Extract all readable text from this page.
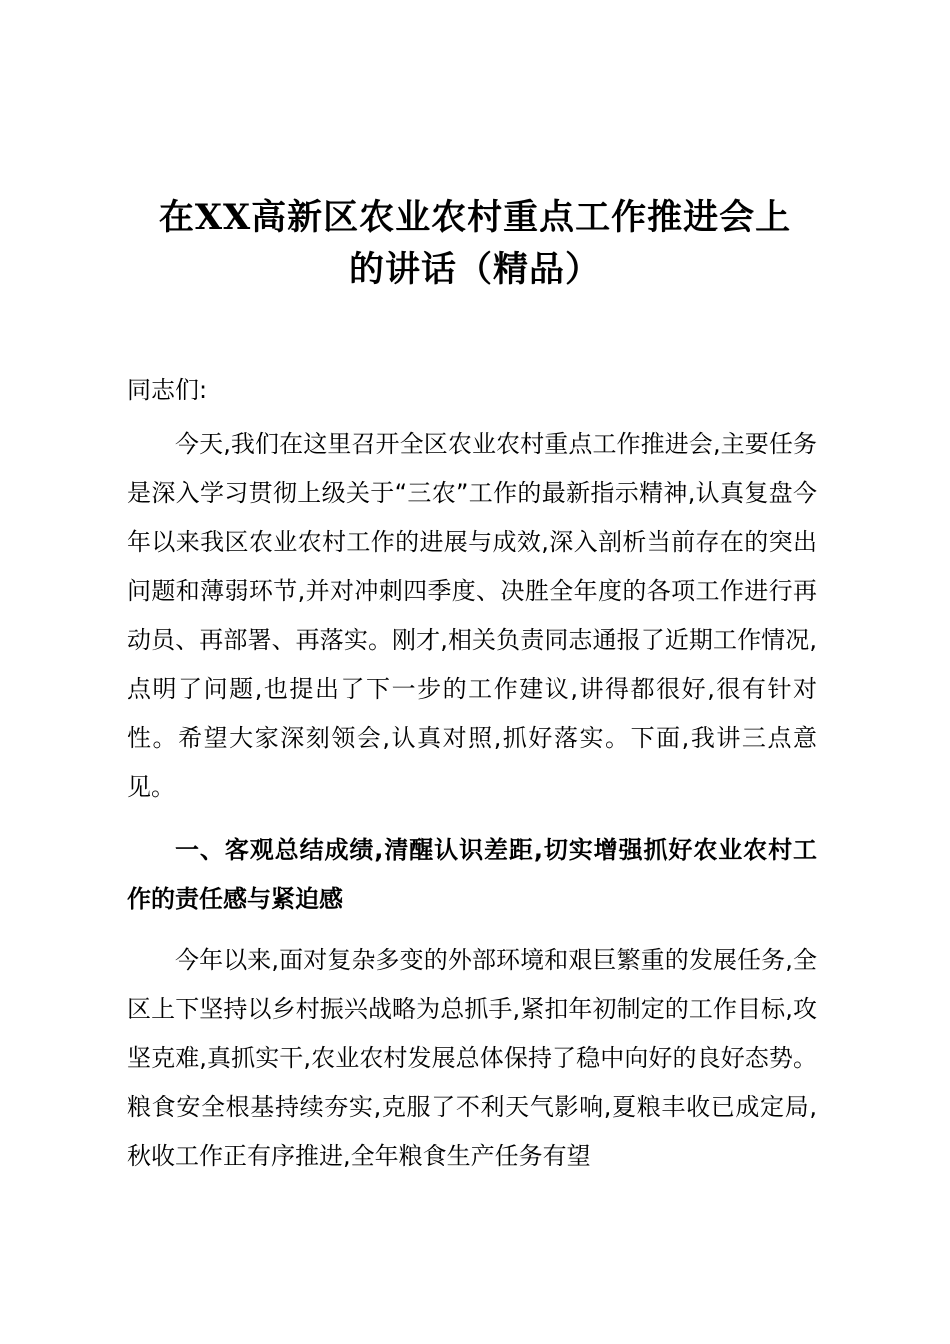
在XX高新区农业农村重点工作推进会上
的讲话（精品）

同志们:

今天,我们在这里召开全区农业农村重点工作推进会,主要任务是深入学习贯彻上级关于“三农”工作的最新指示精神,认真复盘今年以来我区农业农村工作的进展与成效,深入剖析当前存在的突出问题和薄弱环节,并对冲刺四季度、决胜全年度的各项工作进行再动员、再部署、再落实。刚才,相关负责同志通报了近期工作情况,点明了问题,也提出了下一步的工作建议,讲得都很好,很有针对性。希望大家深刻领会,认真对照,抓好落实。下面,我讲三点意见。

一、客观总结成绩,清醒认识差距,切实增强抓好农业农村工作的责任感与紧迫感

今年以来,面对复杂多变的外部环境和艰巨繁重的发展任务,全区上下坚持以乡村振兴战略为总抓手,紧扣年初制定的工作目标,攻坚克难,真抓实干,农业农村发展总体保持了稳中向好的良好态势。粮食安全根基持续夯实,克服了不利天气影响,夏粮丰收已成定局,秋收工作正有序推进,全年粮食生产任务有望
